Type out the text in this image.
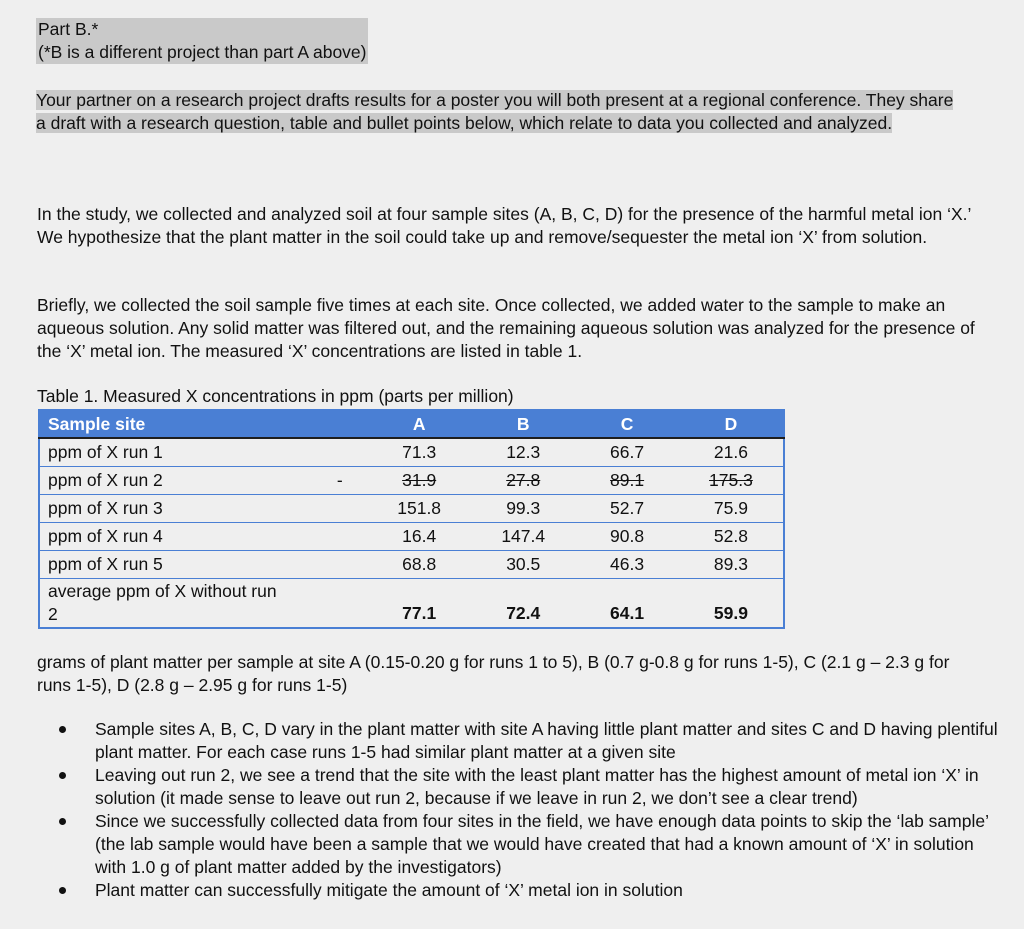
Part B.*
(*B is a different project than part A above)
Your partner on a research project drafts results for a poster you will both present at a regional conference. They share a draft with a research question, table and bullet points below, which relate to data you collected and analyzed.
In the study, we collected and analyzed soil at four sample sites (A, B, C, D) for the presence of the harmful metal ion ‘X.’ We hypothesize that the plant matter in the soil could take up and remove/sequester the metal ion ‘X’ from solution.
Briefly, we collected the soil sample five times at each site. Once collected, we added water to the sample to make an aqueous solution. Any solid matter was filtered out, and the remaining aqueous solution was analyzed for the presence of the ‘X’ metal ion. The measured ‘X’ concentrations are listed in table 1.
Table 1. Measured X concentrations in ppm (parts per million)
Sample site		A	B	C	D
ppm of X run 1		71.3	12.3	66.7	21.6
ppm of X run 2	-	31.9	27.8	89.1	175.3
ppm of X run 3		151.8	99.3	52.7	75.9
ppm of X run 4		16.4	147.4	90.8	52.8
ppm of X run 5		68.8	30.5	46.3	89.3

average ppm of X without run
2		77.1	72.4	64.1	59.9
grams of plant matter per sample at site A (0.15-0.20 g for runs 1 to 5), B (0.7 g-0.8 g for runs 1-5), C (2.1 g – 2.3 g for runs 1-5), D (2.8 g – 2.95 g for runs 1-5)
Sample sites A, B, C, D vary in the plant matter with site A having little plant matter and sites C and D having plentiful plant matter. For each case runs 1-5 had similar plant matter at a given site
Leaving out run 2, we see a trend that the site with the least plant matter has the highest amount of metal ion ‘X’ in solution (it made sense to leave out run 2, because if we leave in run 2, we don’t see a clear trend)
Since we successfully collected data from four sites in the field, we have enough data points to skip the ‘lab sample’ (the lab sample would have been a sample that we would have created that had a known amount of ‘X’ in solution with 1.0 g of plant matter added by the investigators)
Plant matter can successfully mitigate the amount of ‘X’ metal ion in solution
